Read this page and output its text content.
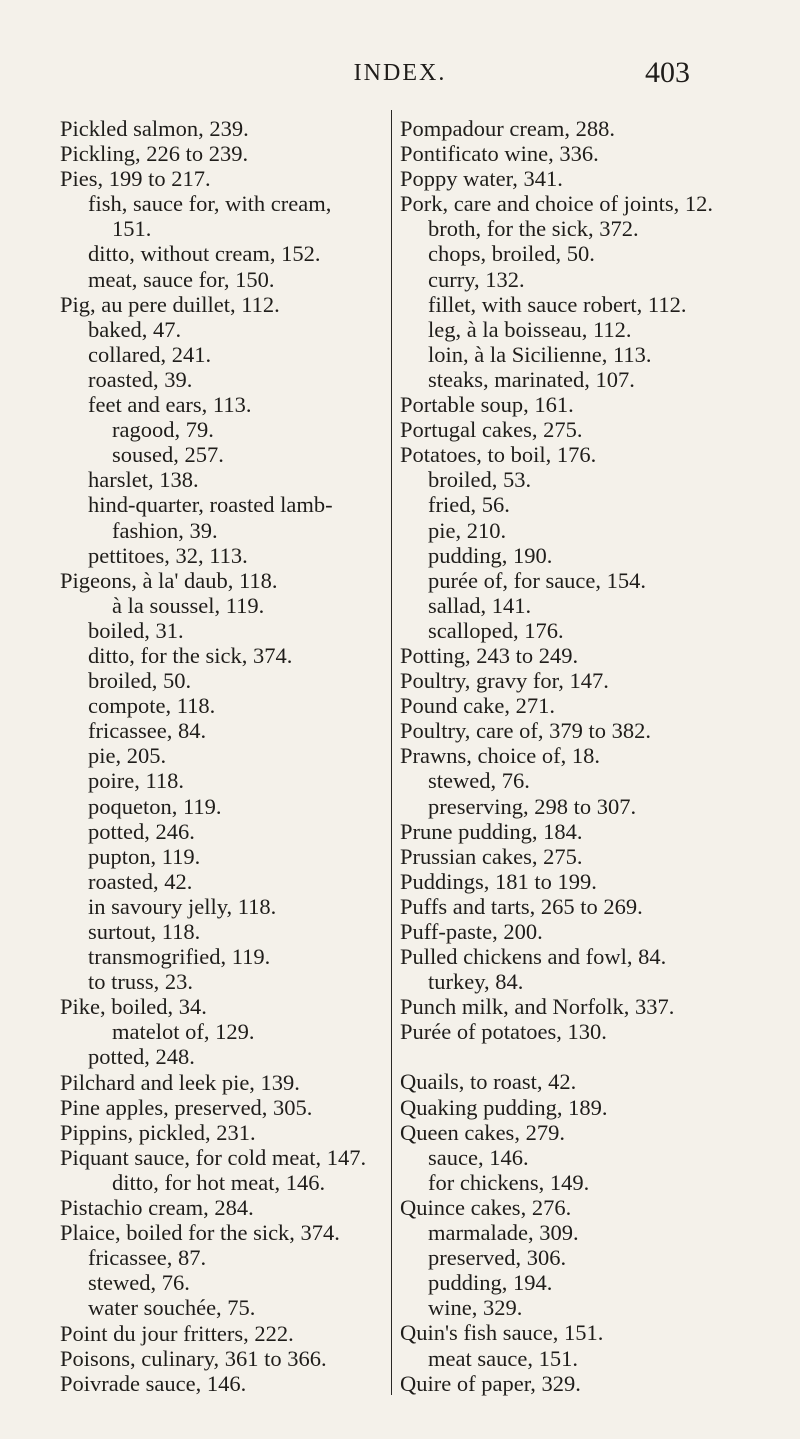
INDEX.	403
Pickled salmon, 239.
Pickling, 226 to 239.
Pies, 199 to 217.
fish, sauce for, with cream,
151.
ditto, without cream, 152.
meat, sauce for, 150.
Pig, au pere duillet, 112.
baked, 47.
collared, 241.
roasted, 39.
feet and ears, 113.
ragood, 79.
soused, 257.
harslet, 138.
hind-quarter, roasted lamb-
fashion, 39.
pettitoes, 32, 113.
Pigeons, à la' daub, 118.
à la soussel, 119.
boiled, 31.
ditto, for the sick, 374.
broiled, 50.
compote, 118.
fricassee, 84.
pie, 205.
poire, 118.
poqueton, 119.
potted, 246.
pupton, 119.
roasted, 42.
in savoury jelly, 118.
surtout, 118.
transmogrified, 119.
to truss, 23.
Pike, boiled, 34.
matelot of, 129.
potted, 248.
Pilchard and leek pie, 139.
Pine apples, preserved, 305.
Pippins, pickled, 231.
Piquant sauce, for cold meat, 147.
ditto, for hot meat, 146.
Pistachio cream, 284.
Plaice, boiled for the sick, 374.
fricassee, 87.
stewed, 76.
water souchée, 75.
Point du jour fritters, 222.
Poisons, culinary, 361 to 366.
Poivrade sauce, 146.
Pompadour cream, 288.
Pontificato wine, 336.
Poppy water, 341.
Pork, care and choice of joints, 12.
broth, for the sick, 372.
chops, broiled, 50.
curry, 132.
fillet, with sauce robert, 112.
leg, à la boisseau, 112.
loin, à la Sicilienne, 113.
steaks, marinated, 107.
Portable soup, 161.
Portugal cakes, 275.
Potatoes, to boil, 176.
broiled, 53.
fried, 56.
pie, 210.
pudding, 190.
purée of, for sauce, 154.
sallad, 141.
scalloped, 176.
Potting, 243 to 249.
Poultry, gravy for, 147.
Pound cake, 271.
Poultry, care of, 379 to 382.
Prawns, choice of, 18.
stewed, 76.
preserving, 298 to 307.
Prune pudding, 184.
Prussian cakes, 275.
Puddings, 181 to 199.
Puffs and tarts, 265 to 269.
Puff-paste, 200.
Pulled chickens and fowl, 84.
turkey, 84.
Punch milk, and Norfolk, 337.
Purée of potatoes, 130.
Quails, to roast, 42.
Quaking pudding, 189.
Queen cakes, 279.
sauce, 146.
for chickens, 149.
Quince cakes, 276.
marmalade, 309.
preserved, 306.
pudding, 194.
wine, 329.
Quin's fish sauce, 151.
meat sauce, 151.
Quire of paper, 329.
